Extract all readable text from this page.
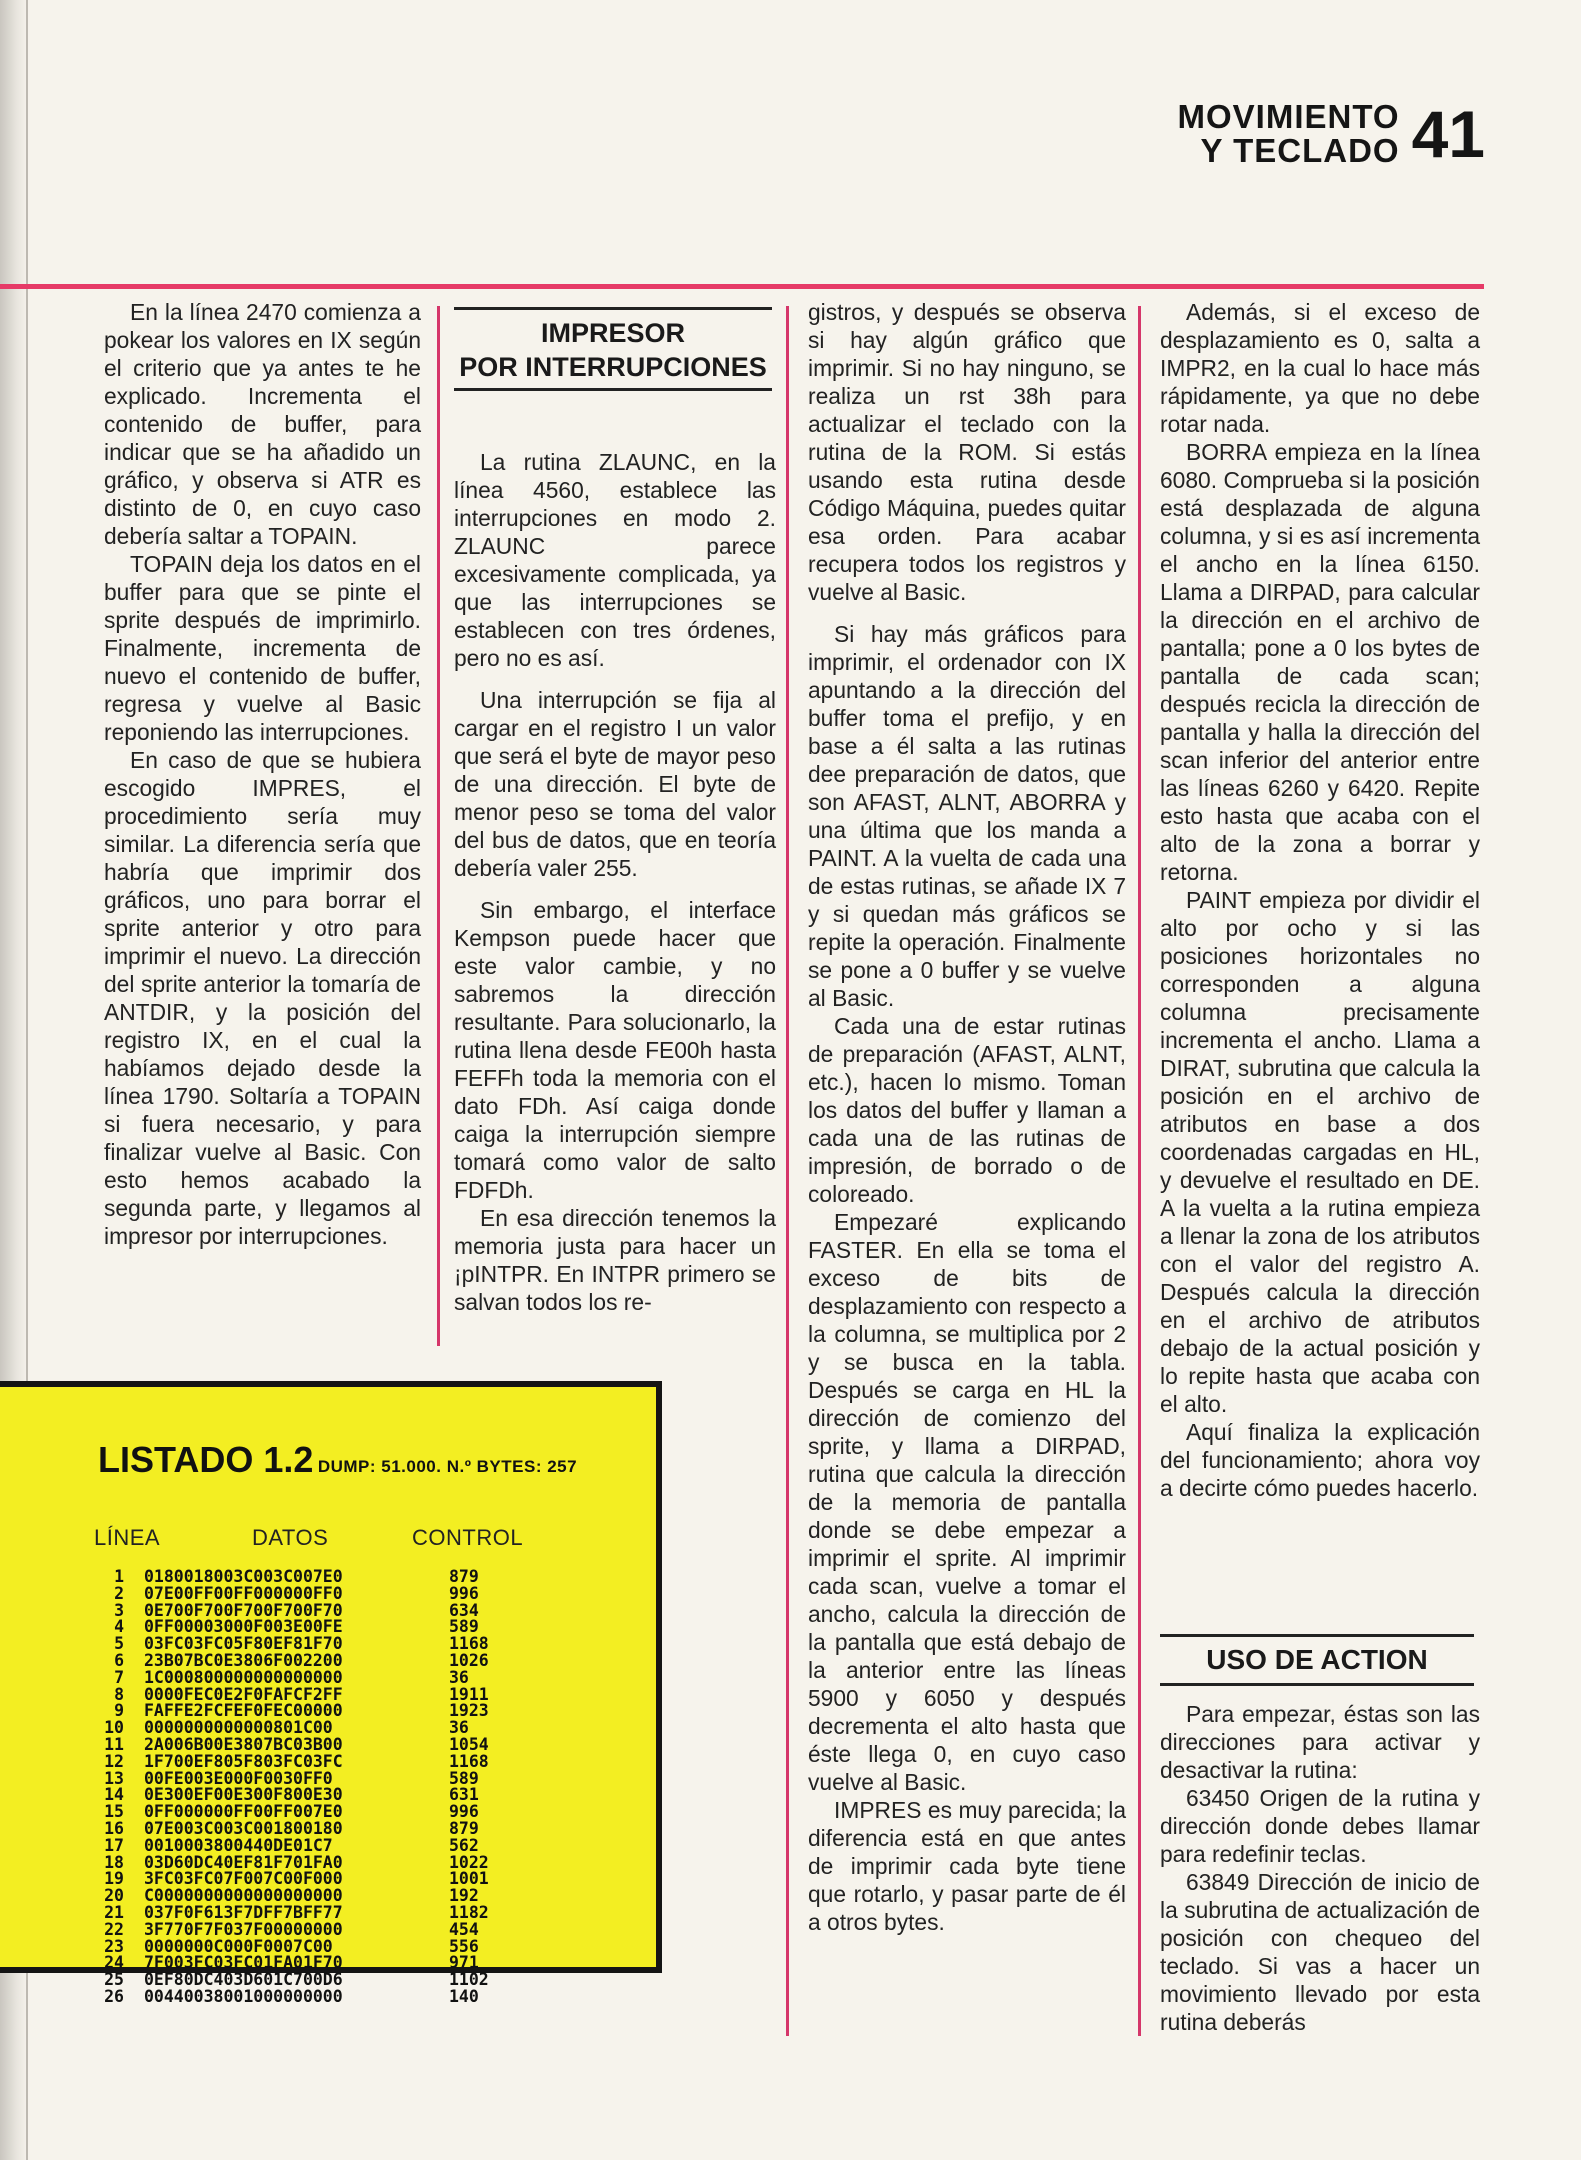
MOVIMIENTO
Y TECLADO 41

En la línea 2470 comienza a pokear los valores en IX según el criterio que ya antes te he explicado. Incrementa el contenido de buffer, para indicar que se ha añadido un gráfico, y observa si ATR es distinto de 0, en cuyo caso debería saltar a TOPAIN.

TOPAIN deja los datos en el buffer para que se pinte el sprite después de imprimirlo. Finalmente, incrementa de nuevo el contenido de buffer, regresa y vuelve al Basic reponiendo las interrupciones.

En caso de que se hubiera escogido IMPRES, el procedimiento sería muy similar. La diferencia sería que habría que imprimir dos gráficos, uno para borrar el sprite anterior y otro para imprimir el nuevo. La dirección del sprite anterior la tomaría de ANTDIR, y la posición del registro IX, en el cual la habíamos dejado desde la línea 1790. Soltaría a TOPAIN si fuera necesario, y para finalizar vuelve al Basic. Con esto hemos acabado la segunda parte, y llegamos al impresor por interrupciones.

IMPRESOR
POR INTERRUPCIONES

La rutina ZLAUNC, en la línea 4560, establece las interrupciones en modo 2. ZLAUNC parece excesivamente complicada, ya que las interrupciones se establecen con tres órdenes, pero no es así.

Una interrupción se fija al cargar en el registro I un valor que será el byte de mayor peso de una dirección. El byte de menor peso se toma del valor del bus de datos, que en teoría debería valer 255.

Sin embargo, el interface Kempson puede hacer que este valor cambie, y no sabremos la dirección resultante. Para solucionarlo, la rutina llena desde FE00h hasta FEFFh toda la memoria con el dato FDh. Así caiga donde caiga la interrupción siempre tomará como valor de salto FDFDh.

En esa dirección tenemos la memoria justa para hacer un ¡pINTPR. En INTPR primero se salvan todos los re-

gistros, y después se observa si hay algún gráfico que imprimir. Si no hay ninguno, se realiza un rst 38h para actualizar el teclado con la rutina de la ROM. Si estás usando esta rutina desde Código Máquina, puedes quitar esa orden. Para acabar recupera todos los registros y vuelve al Basic.

Si hay más gráficos para imprimir, el ordenador con IX apuntando a la dirección del buffer toma el prefijo, y en base a él salta a las rutinas dee preparación de datos, que son AFAST, ALNT, ABORRA y una última que los manda a PAINT. A la vuelta de cada una de estas rutinas, se añade IX 7 y si quedan más gráficos se repite la operación. Finalmente se pone a 0 buffer y se vuelve al Basic.

Cada una de estar rutinas de preparación (AFAST, ALNT, etc.), hacen lo mismo. Toman los datos del buffer y llaman a cada una de las rutinas de impresión, de borrado o de coloreado.

Empezaré explicando FASTER. En ella se toma el exceso de bits de desplazamiento con respecto a la columna, se multiplica por 2 y se busca en la tabla. Después se carga en HL la dirección de comienzo del sprite, y llama a DIRPAD, rutina que calcula la dirección de la memoria de pantalla donde se debe empezar a imprimir el sprite. Al imprimir cada scan, vuelve a tomar el ancho, calcula la dirección de la pantalla que está debajo de la anterior entre las líneas 5900 y 6050 y después decrementa el alto hasta que éste llega 0, en cuyo caso vuelve al Basic.

IMPRES es muy parecida; la diferencia está en que antes de imprimir cada byte tiene que rotarlo, y pasar parte de él a otros bytes.

Además, si el exceso de desplazamiento es 0, salta a IMPR2, en la cual lo hace más rápidamente, ya que no debe rotar nada.

BORRA empieza en la línea 6080. Comprueba si la posición está desplazada de alguna columna, y si es así incrementa el ancho en la línea 6150. Llama a DIRPAD, para calcular la dirección en el archivo de pantalla; pone a 0 los bytes de pantalla de cada scan; después recicla la dirección de pantalla y halla la dirección del scan inferior del anterior entre las líneas 6260 y 6420. Repite esto hasta que acaba con el alto de la zona a borrar y retorna.

PAINT empieza por dividir el alto por ocho y si las posiciones horizontales no corresponden a alguna columna precisamente incrementa el ancho. Llama a DIRAT, subrutina que calcula la posición en el archivo de atributos en base a dos coordenadas cargadas en HL, y devuelve el resultado en DE. A la vuelta a la rutina empieza a llenar la zona de los atributos con el valor del registro A. Después calcula la dirección en el archivo de atributos debajo de la actual posición y lo repite hasta que acaba con el alto.

Aquí finaliza la explicación del funcionamiento; ahora voy a decirte cómo puedes hacerlo.

USO DE ACTION

Para empezar, éstas son las direcciones para activar y desactivar la rutina:

63450 Origen de la rutina y dirección donde debes llamar para redefinir teclas.

63849 Dirección de inicio de la subrutina de actualización de posición con chequeo del teclado. Si vas a hacer un movimiento llevado por esta rutina deberás

LISTADO 1.2 DUMP: 51.000. N.º BYTES: 257
LÍNEA	DATOS	CONTROL
1 0180018003C003C007E0	879
2 07E00FF00FF000000FF0	996
3 0E700F700F700F700F70	634
4 0FF00003000F003E00FE	589
5 03FC03FC05F80EF81F70	1168
6 23B07BC0E3806F002200	1026
7 1C000800000000000000	36
8 0000FEC0E2F0FAFCF2FF	1911
9 FAFFE2FCFEF0FEC00000	1923
10 0000000000000801C00	36
11 2A006B00E3807BC03B00	1054
12 1F700EF805F803FC03FC	1168
13 00FE003E000F0030FF0	589
14 0E300EF00E300F800E30	631
15 0FF000000FF00FF007E0	996
16 07E003C003C001800180	879
17 0010003800440DE01C7	562
18 03D60DC40EF81F701FA0	1022
19 3FC03FC07F007C00F000	1001
20 C0000000000000000000	192
21 037F0F613F7DFF7BFF77	1182
22 3F770F7F037F00000000	454
23 0000000C000F0007C00	556
24 7F003FC03FC01FA01F70	971
25 0EF80DC403D601C700D6	1102
26 00440038001000000000	140
